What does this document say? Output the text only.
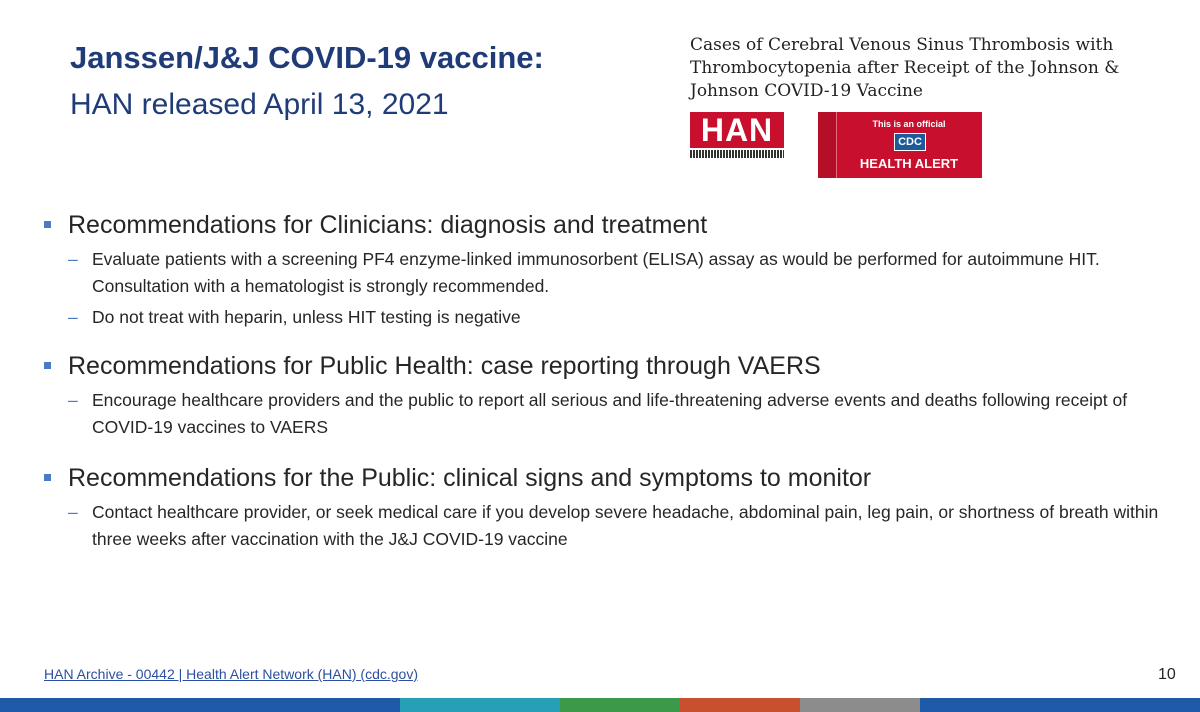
Janssen/J&J COVID-19 vaccine:
HAN released April 13, 2021
Cases of Cerebral Venous Sinus Thrombosis with Thrombocytopenia after Receipt of the Johnson & Johnson COVID-19 Vaccine
HAN	This is an official
CDC
HEALTH ALERT
Recommendations for Clinicians: diagnosis and treatment
– Evaluate patients with a screening PF4 enzyme-linked immunosorbent (ELISA) assay as would be performed for autoimmune HIT. Consultation with a hematologist is strongly recommended.
– Do not treat with heparin, unless HIT testing is negative
Recommendations for Public Health: case reporting through VAERS
– Encourage healthcare providers and the public to report all serious and life-threatening adverse events and deaths following receipt of COVID-19 vaccines to VAERS
Recommendations for the Public: clinical signs and symptoms to monitor
– Contact healthcare provider, or seek medical care if you develop severe headache, abdominal pain, leg pain, or shortness of breath within three weeks after vaccination with the J&J COVID-19 vaccine
HAN Archive - 00442 | Health Alert Network (HAN) (cdc.gov)	10
